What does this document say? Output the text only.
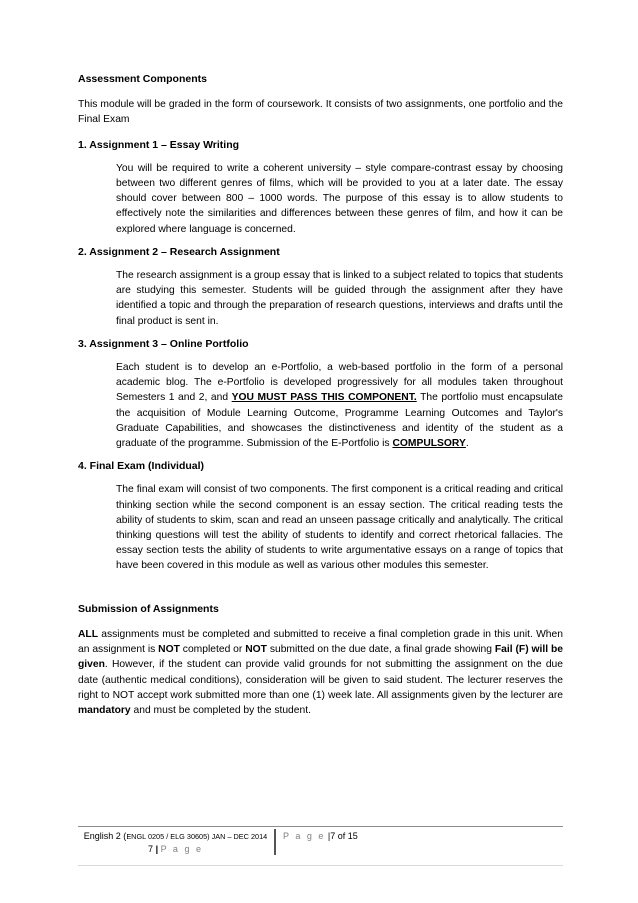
Assessment Components

This module will be graded in the form of coursework. It consists of two assignments, one portfolio and the Final Exam

1. Assignment 1 – Essay Writing

You will be required to write a coherent university – style compare-contrast essay by choosing between two different genres of films, which will be provided to you at a later date. The essay should cover between 800 – 1000 words. The purpose of this essay is to allow students to effectively note the similarities and differences between these genres of film, and how it can be explored where language is concerned.

2. Assignment 2 – Research Assignment

The research assignment is a group essay that is linked to a subject related to topics that students are studying this semester. Students will be guided through the assignment after they have identified a topic and through the preparation of research questions, interviews and drafts until the final product is sent in.

3. Assignment 3 – Online Portfolio

Each student is to develop an e-Portfolio, a web-based portfolio in the form of a personal academic blog. The e-Portfolio is developed progressively for all modules taken throughout Semesters 1 and 2, and YOU MUST PASS THIS COMPONENT. The portfolio must encapsulate the acquisition of Module Learning Outcome, Programme Learning Outcomes and Taylor's Graduate Capabilities, and showcases the distinctiveness and identity of the student as a graduate of the programme. Submission of the E-Portfolio is COMPULSORY.

4. Final Exam (Individual)

The final exam will consist of two components. The first component is a critical reading and critical thinking section while the second component is an essay section. The critical reading tests the ability of students to skim, scan and read an unseen passage critically and analytically. The critical thinking questions will test the ability of students to identify and correct rhetorical fallacies. The essay section tests the ability of students to write argumentative essays on a range of topics that have been covered in this module as well as various other modules this semester.

Submission of Assignments

ALL assignments must be completed and submitted to receive a final completion grade in this unit. When an assignment is NOT completed or NOT submitted on the due date, a final grade showing Fail (F) will be given. However, if the student can provide valid grounds for not submitting the assignment on the due date (authentic medical conditions), consideration will be given to said student. The lecturer reserves the right to NOT accept work submitted more than one (1) week late. All assignments given by the lecturer are mandatory and must be completed by the student.

English 2 (ENGL 0205 / ELG 30605) JAN – DEC 2014
7 | P a g e
P a g e |7 of 15
